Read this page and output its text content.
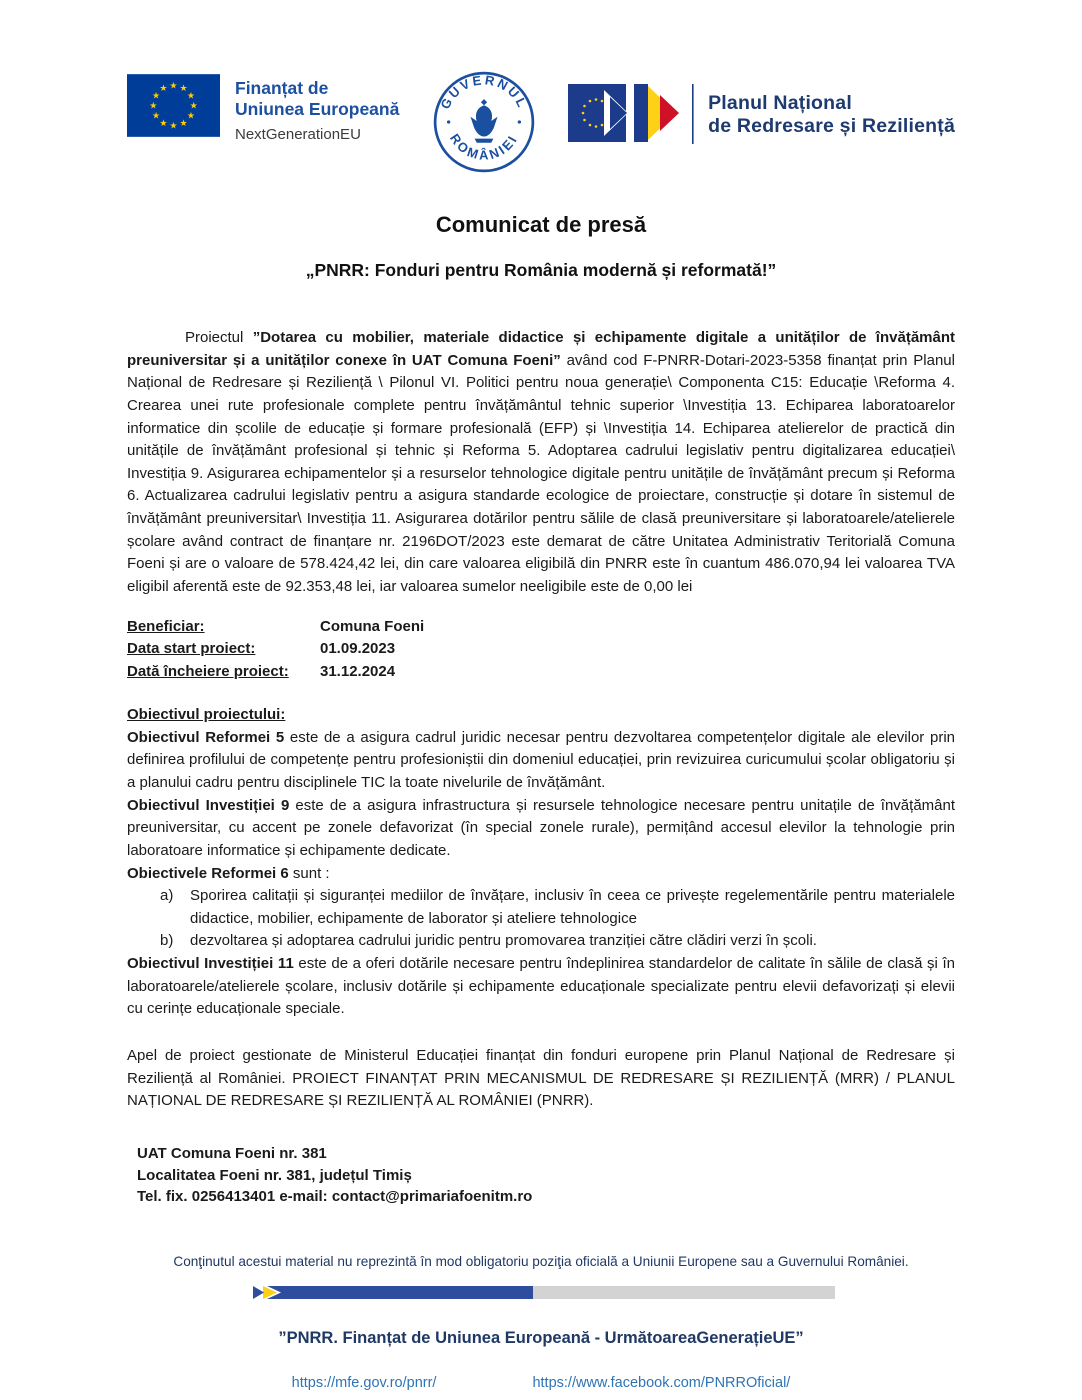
★ ★
★
★
★
★
★
★
★
★
★
★	Finanțat de
Uniunea Europeană
NextGenerationEU
GUVERNUL
ROMÂNIEI
Planul Național
de Redresare și Reziliență
Comunicat de presă
„PNRR: Fonduri pentru România modernă și reformată!”

Proiectul ”Dotarea cu mobilier, materiale didactice și echipamente digitale a unităților de învățământ preuniversitar și a unităților conexe în UAT Comuna Foeni” având cod F-PNRR-Dotari-2023-5358 finanțat prin Planul Național de Redresare și Reziliență \ Pilonul VI. Politici pentru noua generație\ Componenta C15: Educație \Reforma 4. Crearea unei rute profesionale complete pentru învățământul tehnic superior \Investiția 13. Echiparea laboratoarelor informatice din școlile de educație și formare profesională (EFP) și \Investiția 14. Echiparea atelierelor de practică din unitățile de învățământ profesional și tehnic și Reforma 5. Adoptarea cadrului legislativ pentru digitalizarea educației\ Investiția 9. Asigurarea echipamentelor și a resurselor tehnologice digitale pentru unitățile de învățământ precum și Reforma 6. Actualizarea cadrului legislativ pentru a asigura standarde ecologice de proiectare, construcție și dotare în sistemul de învățământ preuniversitar\ Investiția 11. Asigurarea dotărilor pentru sălile de clasă preuniversitare și laboratoarele/atelierele școlare având contract de finanțare nr. 2196DOT/2023 este demarat de către Unitatea Administrativ Teritorială Comuna Foeni și are o valoare de 578.424,42 lei, din care valoarea eligibilă din PNRR este în cuantum 486.070,94 lei valoarea TVA eligibil aferentă este de 92.353,48 lei, iar valoarea sumelor neeligibile este de 0,00 lei

Beneficiar:	Comuna Foeni
Data start proiect:	01.09.2023
Dată încheiere proiect:	31.12.2024
Obiectivul proiectului:

Obiectivul Reformei 5 este de a asigura cadrul juridic necesar pentru dezvoltarea competențelor digitale ale elevilor prin definirea profilului de competențe pentru profesioniștii din domeniul educației, prin revizuirea curicumului școlar obligatoriu și a planului cadru pentru disciplinele TIC la toate nivelurile de învățământ.

Obiectivul Investiției 9 este de a asigura infrastructura și resursele tehnologice necesare pentru unitațile de învățământ preuniversitar, cu accent pe zonele defavorizat (în special zonele rurale), permițând accesul elevilor la tehnologie prin laboratoare informatice și echipamente dedicate.

Obiectivele Reformei 6 sunt :

a)	Sporirea calitații și siguranței mediilor de învățare, inclusiv în ceea ce privește regelementările pentru materialele didactice, mobilier, echipamente de laborator și ateliere tehnologice
b)	dezvoltarea și adoptarea cadrului juridic pentru promovarea tranziției către clădiri verzi în școli.

Obiectivul Investiției 11 este de a oferi dotările necesare pentru îndeplinirea standardelor de calitate în sălile de clasă și în laboratoarele/atelierele școlare, inclusiv dotările și echipamente educaționale specializate pentru elevii defavorizați și elevii cu cerințe educaționale speciale.

Apel de proiect gestionate de Ministerul Educației finanțat din fonduri europene prin Planul Național de Redresare și Reziliență al României. PROIECT FINANȚAT PRIN MECANISMUL DE REDRESARE ȘI REZILIENȚĂ (MRR) / PLANUL NAȚIONAL DE REDRESARE ȘI REZILIENȚĂ AL ROMÂNIEI (PNRR).

UAT Comuna Foeni nr. 381
Localitatea Foeni nr. 381, județul Timiș
Tel. fix. 0256413401 e-mail: contact@primariafoenitm.ro
Conţinutul acestui material nu reprezintă în mod obligatoriu poziţia oficială a Uniunii Europene sau a Guvernului României.
”PNRR. Finanțat de Uniunea Europeană - UrmătoareaGenerațieUE”
https://mfe.gov.ro/pnrr/	https://www.facebook.com/PNRROficial/
